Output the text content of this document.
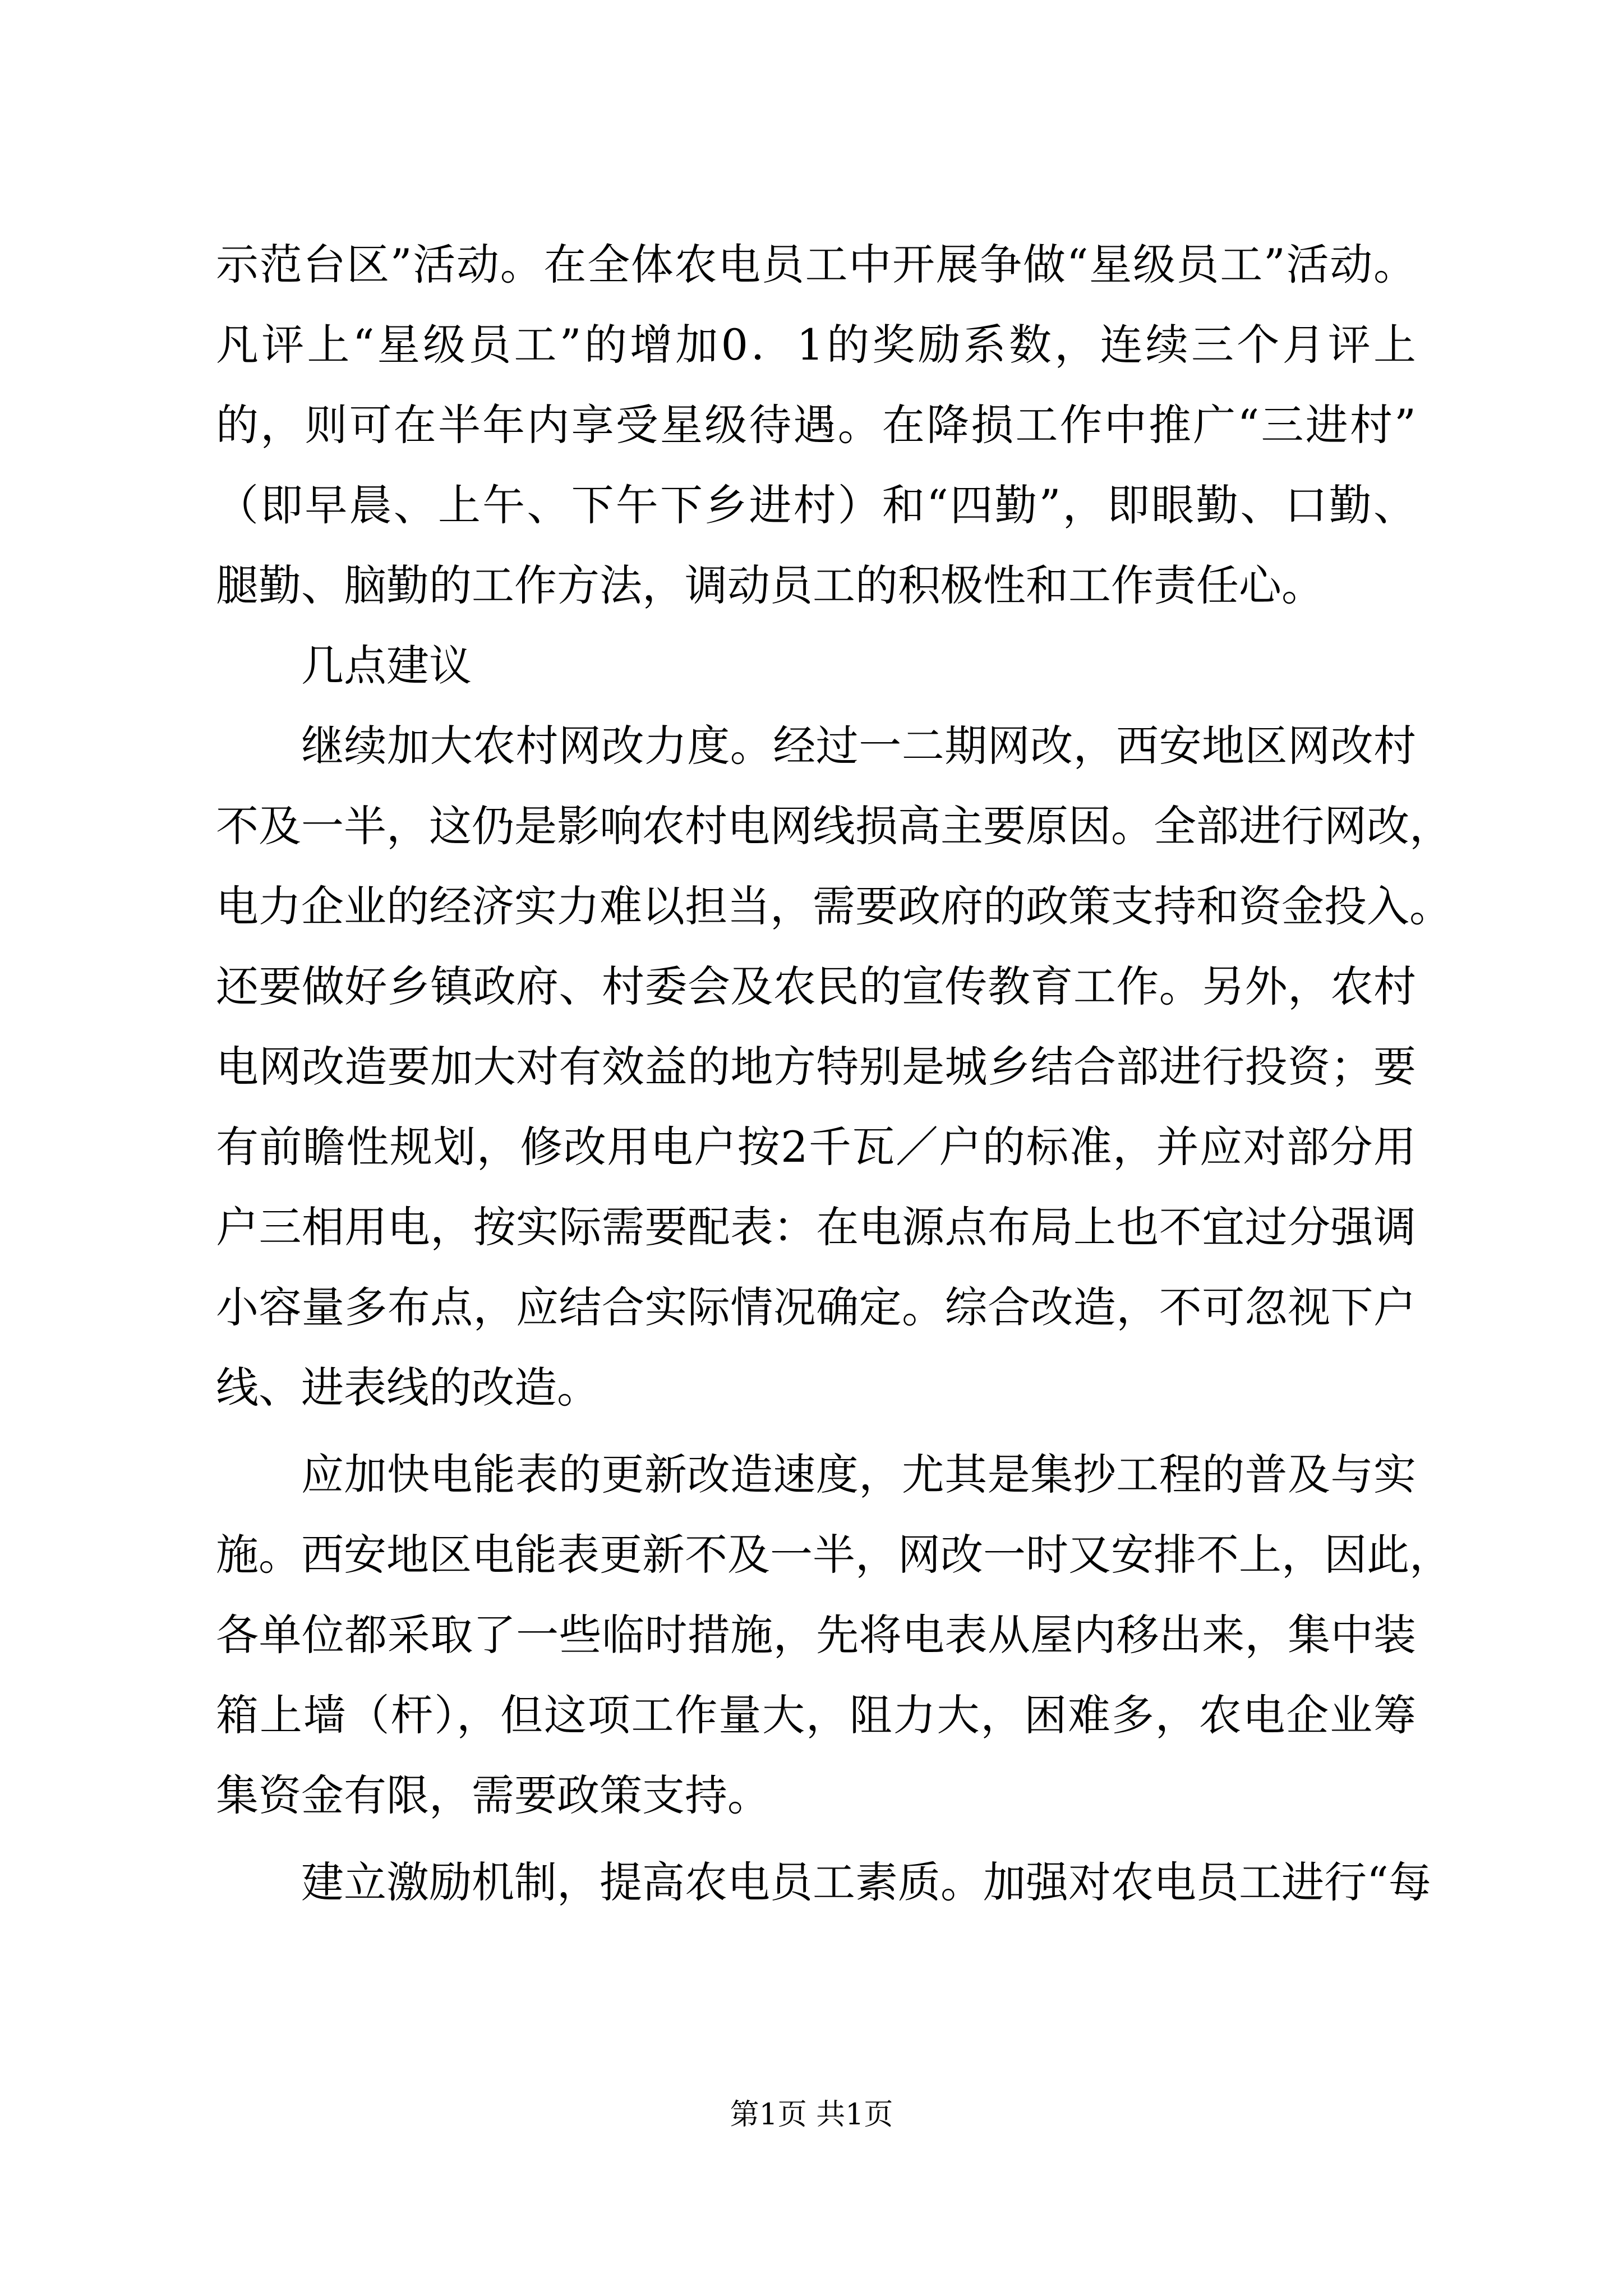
示范台区”活动。在全体农电员工中开展争做“星级员工”活动。
凡评上“星级员工”的增加0．1的奖励系数，连续三个月评上
的，则可在半年内享受星级待遇。在降损工作中推广“三进村”
（即早晨、上午、下午下乡进村）和“四勤”，即眼勤、口勤、
腿勤、脑勤的工作方法，调动员工的积极性和工作责任心。
几点建议
继续加大农村网改力度。经过一二期网改，西安地区网改村
不及一半，这仍是影响农村电网线损高主要原因。全部进行网改，
电力企业的经济实力难以担当，需要政府的政策支持和资金投入。
还要做好乡镇政府、村委会及农民的宣传教育工作。另外，农村
电网改造要加大对有效益的地方特别是城乡结合部进行投资；要
有前瞻性规划，修改用电户按2千瓦／户的标准，并应对部分用
户三相用电，按实际需要配表：在电源点布局上也不宜过分强调
小容量多布点，应结合实际情况确定。综合改造，不可忽视下户
线、进表线的改造。
应加快电能表的更新改造速度，尤其是集抄工程的普及与实
施。西安地区电能表更新不及一半，网改一时又安排不上，因此，
各单位都采取了一些临时措施，先将电表从屋内移出来，集中装
箱上墙（杆），但这项工作量大，阻力大，困难多，农电企业筹
集资金有限，需要政策支持。
建立激励机制，提高农电员工素质。加强对农电员工进行“每
第1页 共1页
